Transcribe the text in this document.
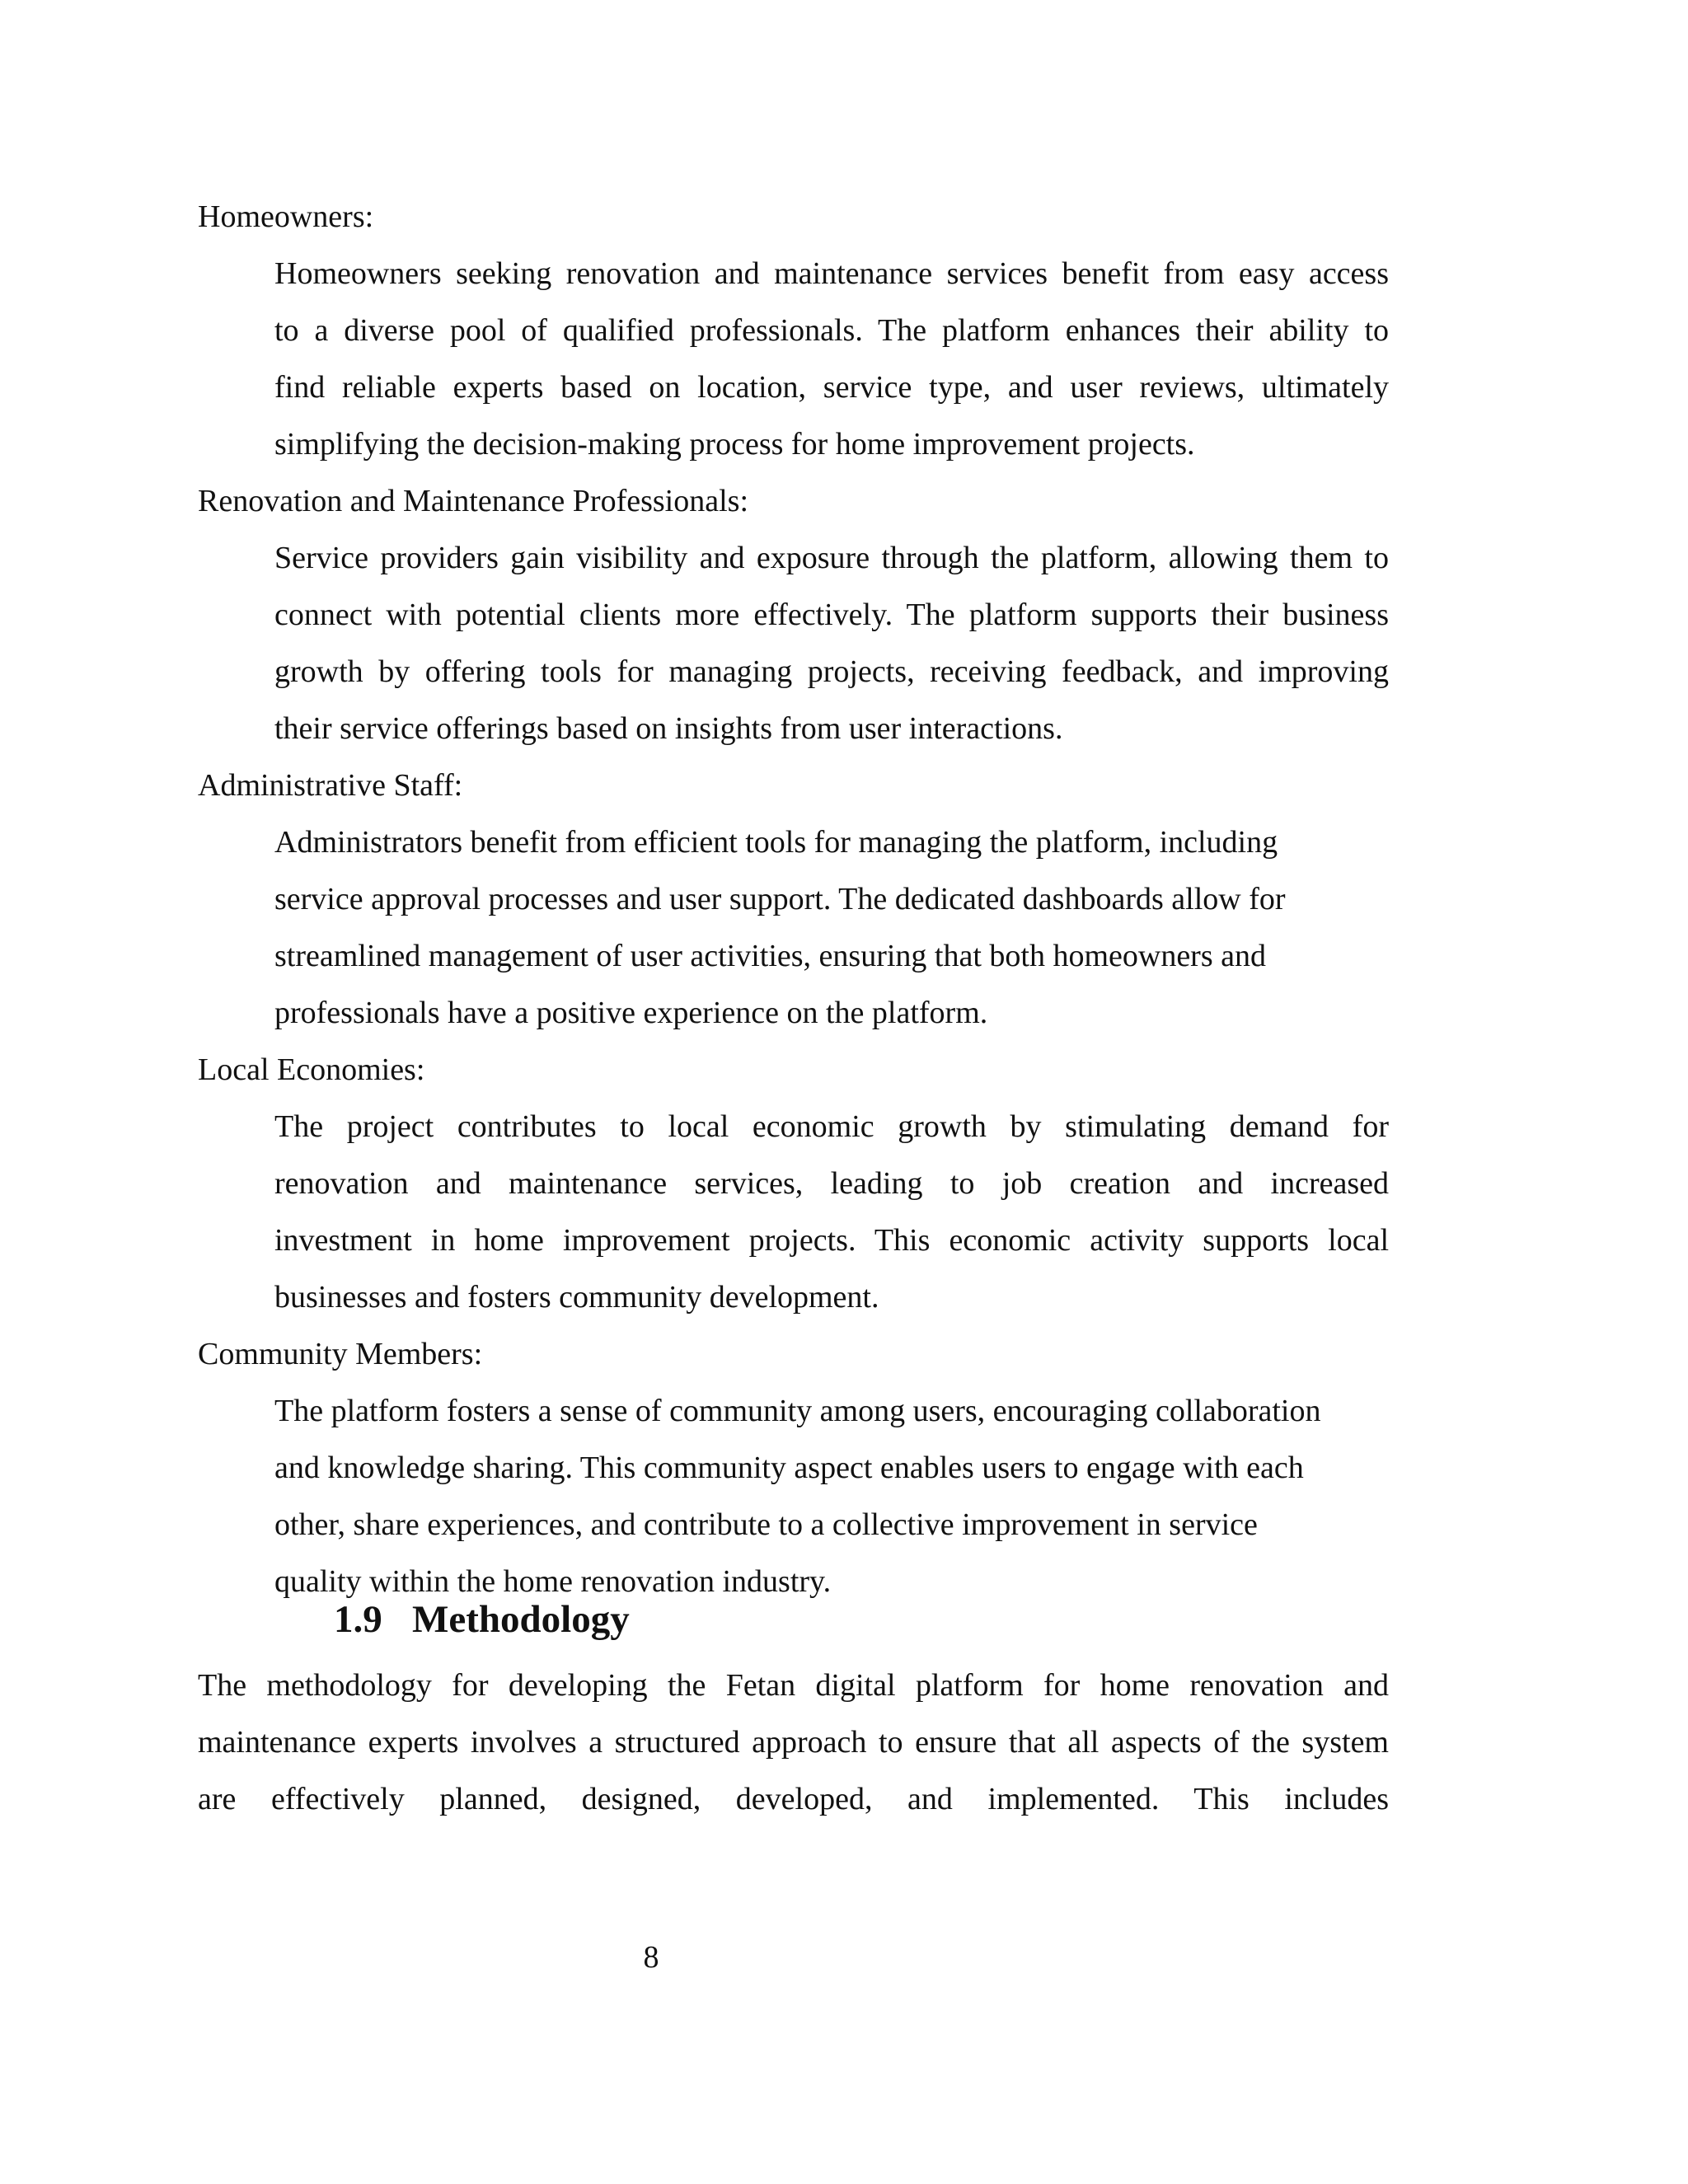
Homeowners:
Homeowners seeking renovation and maintenance services benefit from easy access
to a diverse pool of qualified professionals. The platform enhances their ability to
find reliable experts based on location, service type, and user reviews, ultimately
simplifying the decision-making process for home improvement projects.
Renovation and Maintenance Professionals:
Service providers gain visibility and exposure through the platform, allowing them to
connect with potential clients more effectively. The platform supports their business
growth by offering tools for managing projects, receiving feedback, and improving
their service offerings based on insights from user interactions.
Administrative Staff:
Administrators benefit from efficient tools for managing the platform, including
service approval processes and user support. The dedicated dashboards allow for
streamlined management of user activities, ensuring that both homeowners and
professionals have a positive experience on the platform.
Local Economies:
The project contributes to local economic growth by stimulating demand for
renovation and maintenance services, leading to job creation and increased
investment in home improvement projects. This economic activity supports local
businesses and fosters community development.
Community Members:
The platform fosters a sense of community among users, encouraging collaboration
and knowledge sharing. This community aspect enables users to engage with each
other, share experiences, and contribute to a collective improvement in service
quality within the home renovation industry.
1.9 Methodology
The methodology for developing the Fetan digital platform for home renovation and
maintenance experts involves a structured approach to ensure that all aspects of the system
are effectively planned, designed, developed, and implemented. This includes
8
